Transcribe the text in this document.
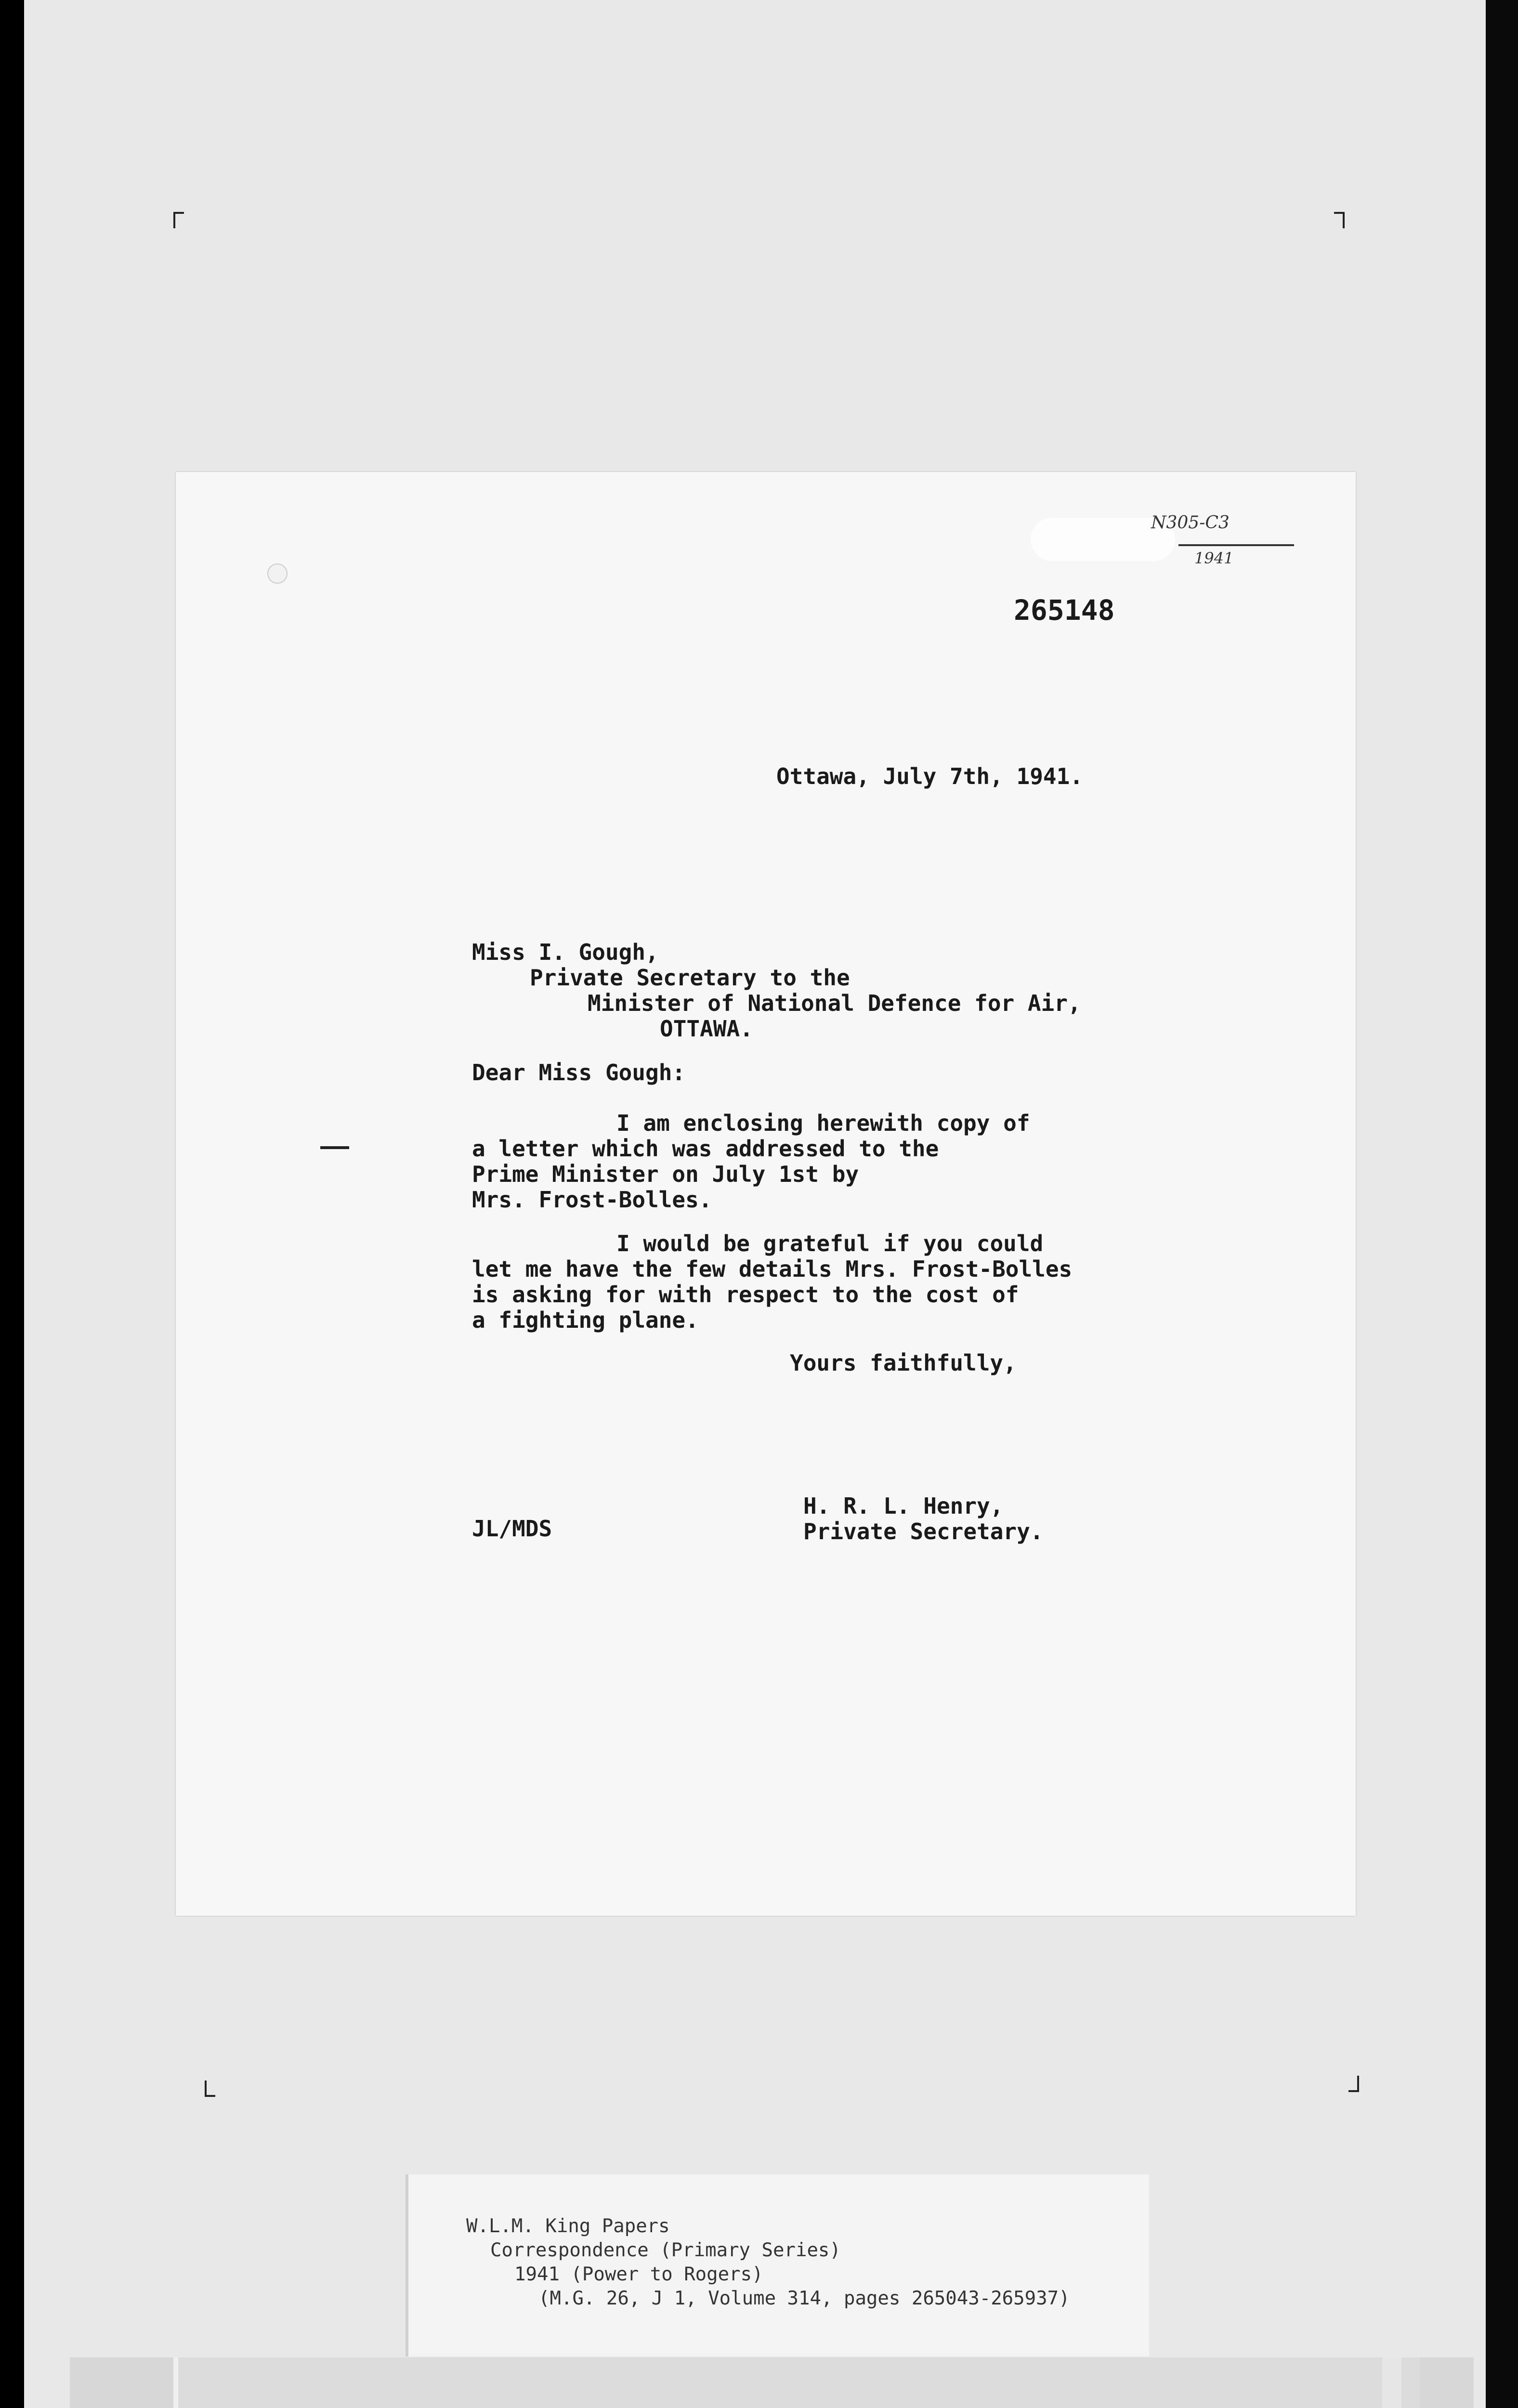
N305-C3
1941
265148
Ottawa, July 7th, 1941.
Miss I. Gough,
Private Secretary to the
Minister of National Defence for Air,
OTTAWA.
Dear Miss Gough:
I am enclosing herewith copy of
a letter which was addressed to the
Prime Minister on July 1st by
Mrs. Frost-Bolles.
I would be grateful if you could
let me have the few details Mrs. Frost-Bolles
is asking for with respect to the cost of
a fighting plane.
Yours faithfully,
H. R. L. Henry,
Private Secretary.
JL/MDS
W.L.M. King Papers
Correspondence (Primary Series)
1941 (Power to Rogers)
(M.G. 26, J 1, Volume 314, pages 265043-265937)
